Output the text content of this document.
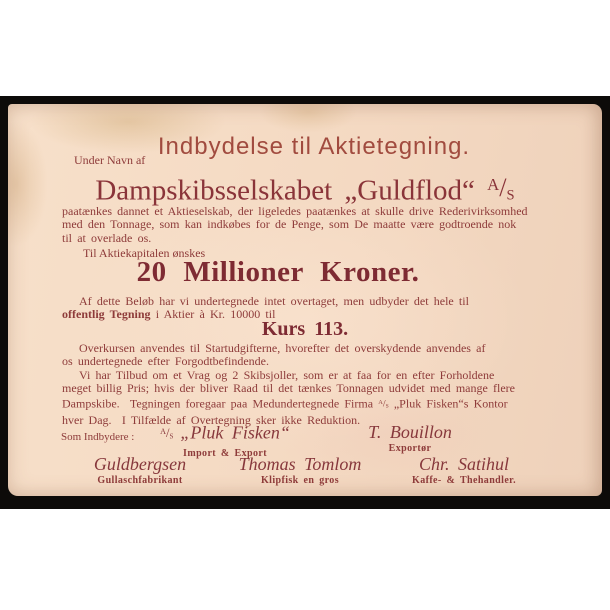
Indbydelse til Aktietegning.
Under Navn af
Dampskibsselskabet „Guldflod“ $^A$/S
paatænkes dannet et Aktieselskab, der ligeledes paatænkes at skulle drive Rederivirksomhed
med den Tonnage, som kan indkøbes for de Penge, som De maatte være godtroende nok
til at overlade os.
Til Aktiekapitalen ønskes
20 Millioner Kroner.
Af dette Beløb har vi undertegnede intet overtaget, men udbyder det hele til
offentlig Tegning i Aktier à Kr. 10000 til
Kurs 113.
Overkursen anvendes til Startudgifterne, hvorefter det overskydende anvendes af
os undertegnede efter Forgodtbefindende.
Vi har Tilbud om et Vrag og 2 Skibsjoller, som er at faa for en efter Forholdene
meget billig Pris; hvis der bliver Raad til det tænkes Tonnagen udvidet med mange flere
Dampskibe.  Tegningen foregaar paa Medundertegnede Firma $^A$/S „Pluk Fisken“s Kontor
hver Dag.  I Tilfælde af Overtegning sker ikke Reduktion.
Som Indbydere :	$^A$/S „Pluk Fisken“
Import & Export
T. Bouillon
Exportør
Guldbergsen
Gullaschfabrikant
Thomas Tomlom
Klipfisk en gros
Chr. Satihul
Kaffe- & Thehandler.
